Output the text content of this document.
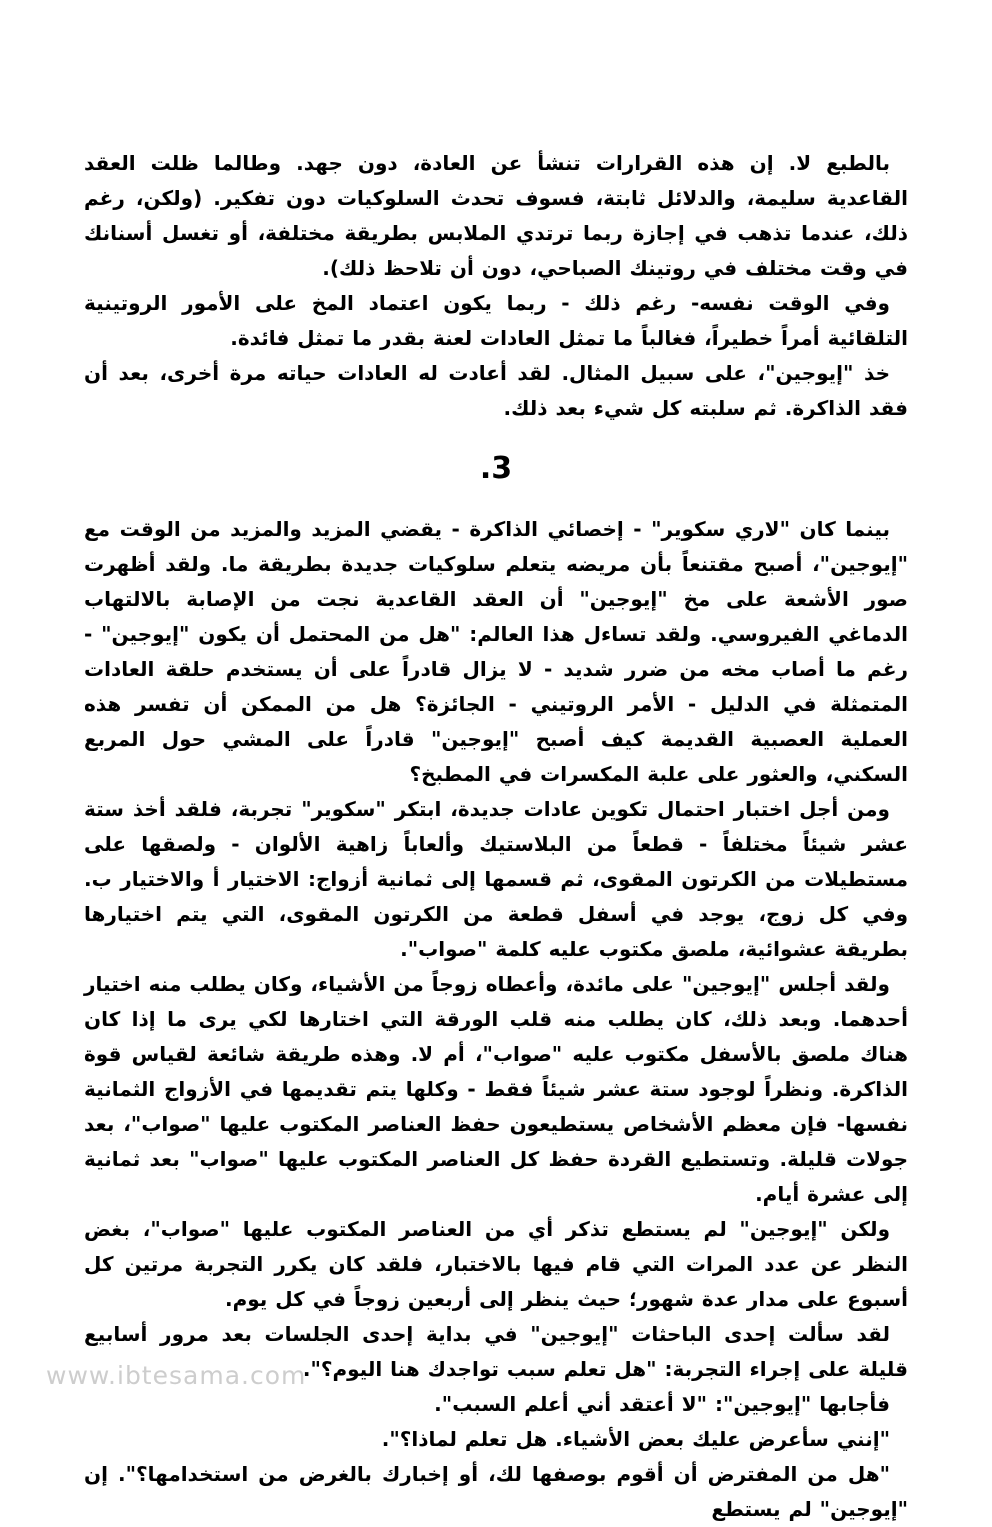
بالطبع لا. إن هذه القرارات تنشأ عن العادة، دون جهد. وطالما ظلت العقد القاعدية سليمة، والدلائل ثابتة، فسوف تحدث السلوكيات دون تفكير. (ولكن، رغم ذلك، عندما تذهب في إجازة ربما ترتدي الملابس بطريقة مختلفة، أو تغسل أسنانك في وقت مختلف في روتينك الصباحي، دون أن تلاحظ ذلك).

وفي الوقت نفسه- رغم ذلك - ربما يكون اعتماد المخ على الأمور الروتينية التلقائية أمراً خطيراً، فغالباً ما تمثل العادات لعنة بقدر ما تمثل فائدة.

خذ "إيوجين"، على سبيل المثال. لقد أعادت له العادات حياته مرة أخرى، بعد أن فقد الذاكرة. ثم سلبته كل شيء بعد ذلك.

3.

بينما كان "لاري سكوير" - إخصائي الذاكرة - يقضي المزيد والمزيد من الوقت مع "إيوجين"، أصبح مقتنعاً بأن مريضه يتعلم سلوكيات جديدة بطريقة ما. ولقد أظهرت صور الأشعة على مخ "إيوجين" أن العقد القاعدية نجت من الإصابة بالالتهاب الدماغي الفيروسي. ولقد تساءل هذا العالم: "هل من المحتمل أن يكون "إيوجين" - رغم ما أصاب مخه من ضرر شديد - لا يزال قادراً على أن يستخدم حلقة العادات المتمثلة في الدليل - الأمر الروتيني - الجائزة؟ هل من الممكن أن تفسر هذه العملية العصبية القديمة كيف أصبح "إيوجين" قادراً على المشي حول المربع السكني، والعثور على علبة المكسرات في المطبخ؟

ومن أجل اختبار احتمال تكوين عادات جديدة، ابتكر "سكوير" تجربة، فلقد أخذ ستة عشر شيئاً مختلفاً - قطعاً من البلاستيك وألعاباً زاهية الألوان - ولصقها على مستطيلات من الكرتون المقوى، ثم قسمها إلى ثمانية أزواج: الاختيار أ والاختيار ب. وفي كل زوج، يوجد في أسفل قطعة من الكرتون المقوى، التي يتم اختيارها بطريقة عشوائية، ملصق مكتوب عليه كلمة "صواب".

ولقد أجلس "إيوجين" على مائدة، وأعطاه زوجاً من الأشياء، وكان يطلب منه اختيار أحدهما. وبعد ذلك، كان يطلب منه قلب الورقة التي اختارها لكي يرى ما إذا كان هناك ملصق بالأسفل مكتوب عليه "صواب"، أم لا. وهذه طريقة شائعة لقياس قوة الذاكرة. ونظراً لوجود ستة عشر شيئاً فقط - وكلها يتم تقديمها في الأزواج الثمانية نفسها- فإن معظم الأشخاص يستطيعون حفظ العناصر المكتوب عليها "صواب"، بعد جولات قليلة. وتستطيع القردة حفظ كل العناصر المكتوب عليها "صواب" بعد ثمانية إلى عشرة أيام.

ولكن "إيوجين" لم يستطع تذكر أي من العناصر المكتوب عليها "صواب"، بغض النظر عن عدد المرات التي قام فيها بالاختبار، فلقد كان يكرر التجربة مرتين كل أسبوع على مدار عدة شهور؛ حيث ينظر إلى أربعين زوجاً في كل يوم.

لقد سألت إحدى الباحثات "إيوجين" في بداية إحدى الجلسات بعد مرور أسابيع قليلة على إجراء التجربة: "هل تعلم سبب تواجدك هنا اليوم؟".

فأجابها "إيوجين": "لا أعتقد أني أعلم السبب".

"إنني سأعرض عليك بعض الأشياء. هل تعلم لماذا؟".

"هل من المفترض أن أقوم بوصفها لك، أو إخبارك بالغرض من استخدامها؟". إن "إيوجين" لم يستطع

www.ibtesama.com
